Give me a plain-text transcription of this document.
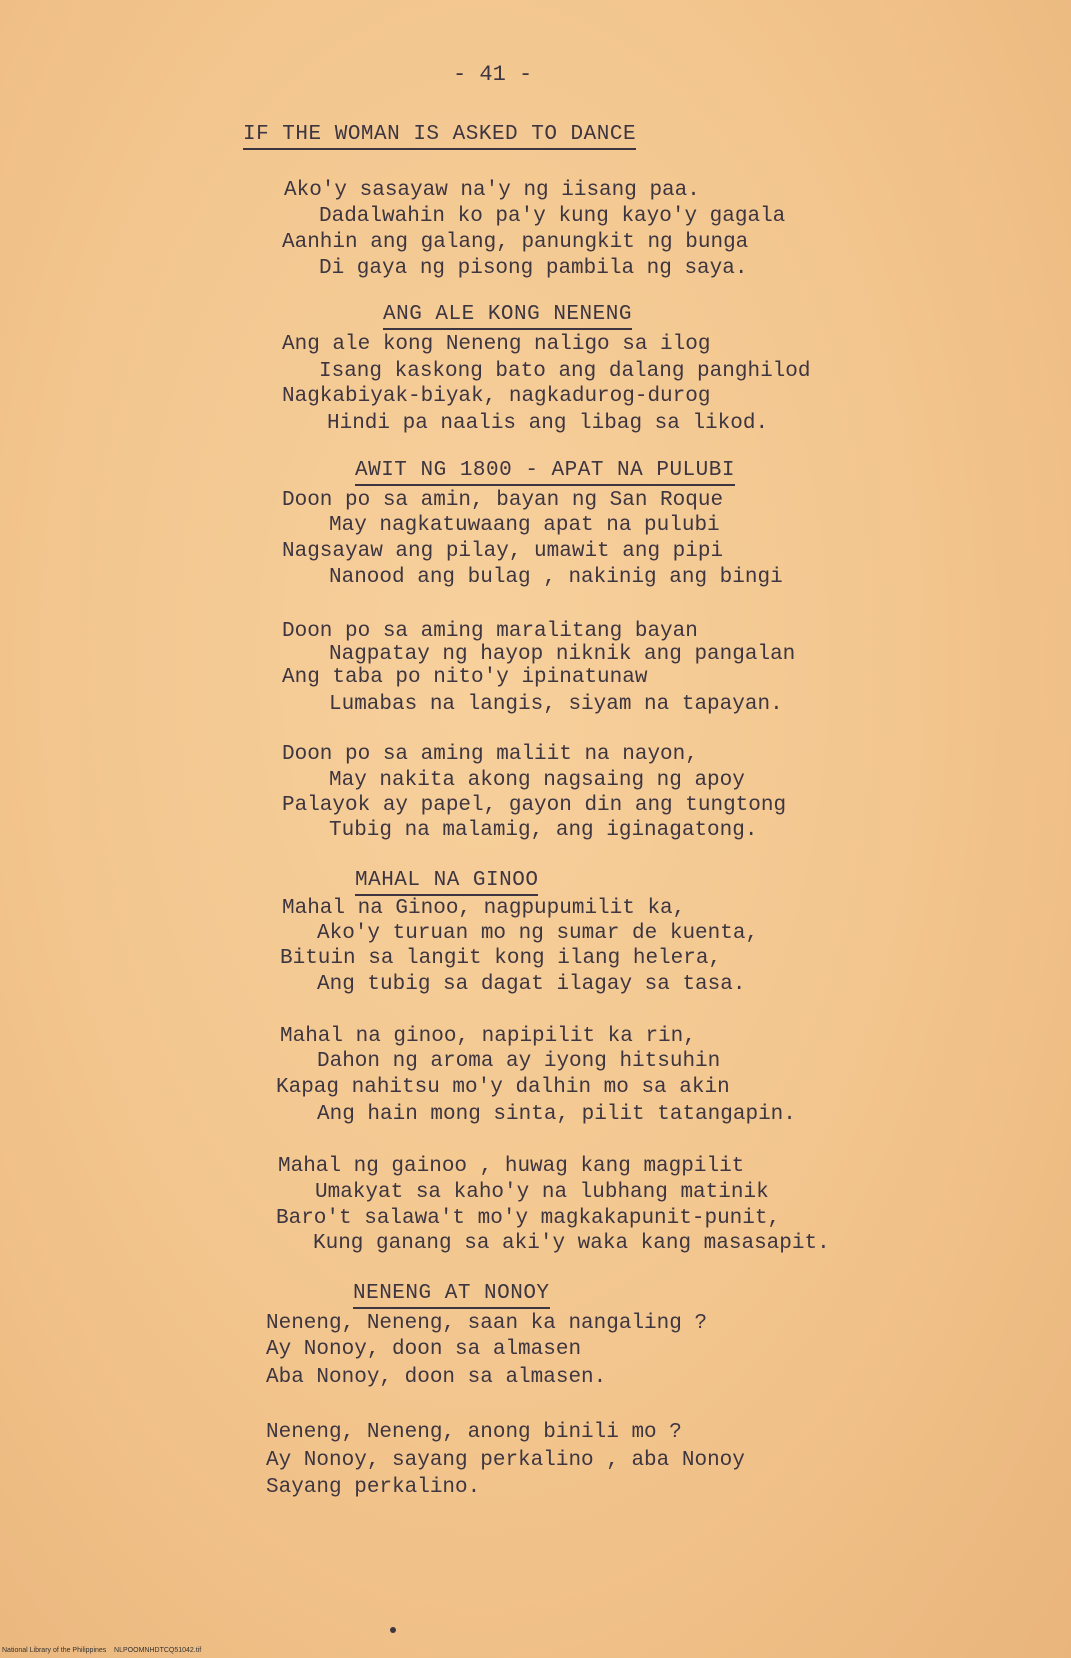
- 41 -
IF THE WOMAN IS ASKED TO DANCE
Ako'y sasayaw na'y ng iisang paa.
Dadalwahin ko pa'y kung kayo'y gagala
Aanhin ang galang, panungkit ng bunga
Di gaya ng pisong pambila ng saya.
ANG ALE KONG NENENG
Ang ale kong Neneng naligo sa ilog
Isang kaskong bato ang dalang panghilod
Nagkabiyak-biyak, nagkadurog-durog
Hindi pa naalis ang libag sa likod.
AWIT NG 1800 - APAT NA PULUBI
Doon po sa amin, bayan ng San Roque
May nagkatuwaang apat na pulubi
Nagsayaw ang pilay, umawit ang pipi
Nanood ang bulag , nakinig ang bingi
Doon po sa aming maralitang bayan
Nagpatay ng hayop niknik ang pangalan
Ang taba po nito'y ipinatunaw
Lumabas na langis, siyam na tapayan.
Doon po sa aming maliit na nayon,
May nakita akong nagsaing ng apoy
Palayok ay papel, gayon din ang tungtong
Tubig na malamig, ang iginagatong.
MAHAL NA GINOO
Mahal na Ginoo, nagpupumilit ka,
Ako'y turuan mo ng sumar de kuenta,
Bituin sa langit kong ilang helera,
Ang tubig sa dagat ilagay sa tasa.
Mahal na ginoo, napipilit ka rin,
Dahon ng aroma ay iyong hitsuhin
Kapag nahitsu mo'y dalhin mo sa akin
Ang hain mong sinta, pilit tatangapin.
Mahal ng gainoo , huwag kang magpilit
Umakyat sa kaho'y na lubhang matinik
Baro't salawa't mo'y magkakapunit-punit,
Kung ganang sa aki'y waka kang masasapit.
NENENG AT NONOY
Neneng, Neneng, saan ka nangaling ?
Ay Nonoy, doon sa almasen
Aba Nonoy, doon sa almasen.
Neneng, Neneng, anong binili mo ?
Ay Nonoy, sayang perkalino , aba Nonoy
Sayang perkalino.
National Library of the Philippines    NLPOOMNHDTCQ51042.tif
